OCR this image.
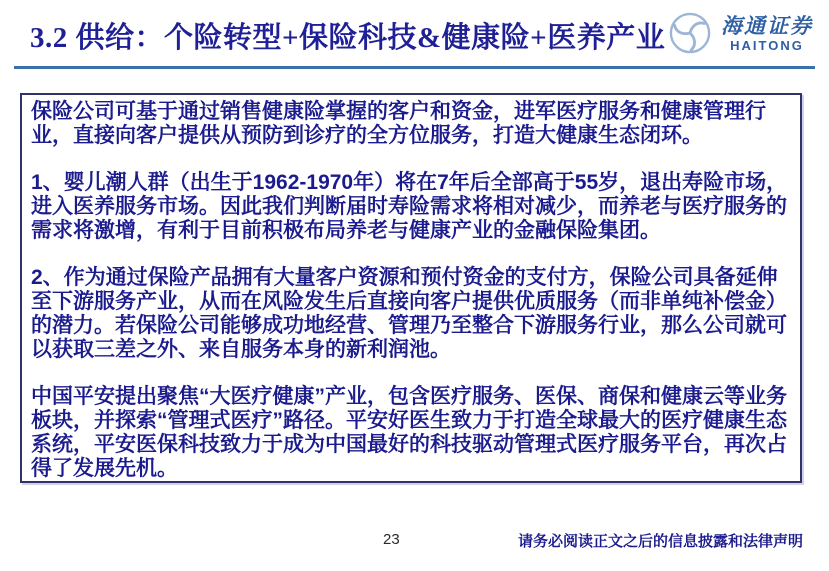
海通证券
HAITONG
3.2 供给：个险转型+保险科技&健康险+医养产业

保险公司可基于通过销售健康险掌握的客户和资金，进军医疗服务和健康管理行业，直接向客户提供从预防到诊疗的全方位服务，打造大健康生态闭环。

1、婴儿潮人群（出生于1962-1970年）将在7年后全部高于55岁，退出寿险市场，进入医养服务市场。因此我们判断届时寿险需求将相对减少，而养老与医疗服务的需求将激增，有利于目前积极布局养老与健康产业的金融保险集团。

2、作为通过保险产品拥有大量客户资源和预付资金的支付方，保险公司具备延伸至下游服务产业，从而在风险发生后直接向客户提供优质服务（而非单纯补偿金）的潜力。若保险公司能够成功地经营、管理乃至整合下游服务行业，那么公司就可以获取三差之外、来自服务本身的新利润池。

中国平安提出聚焦“大医疗健康”产业，包含医疗服务、医保、商保和健康云等业务板块，并探索“管理式医疗”路径。平安好医生致力于打造全球最大的医疗健康生态系统，平安医保科技致力于成为中国最好的科技驱动管理式医疗服务平台，再次占得了发展先机。

23	请务必阅读正文之后的信息披露和法律声明
